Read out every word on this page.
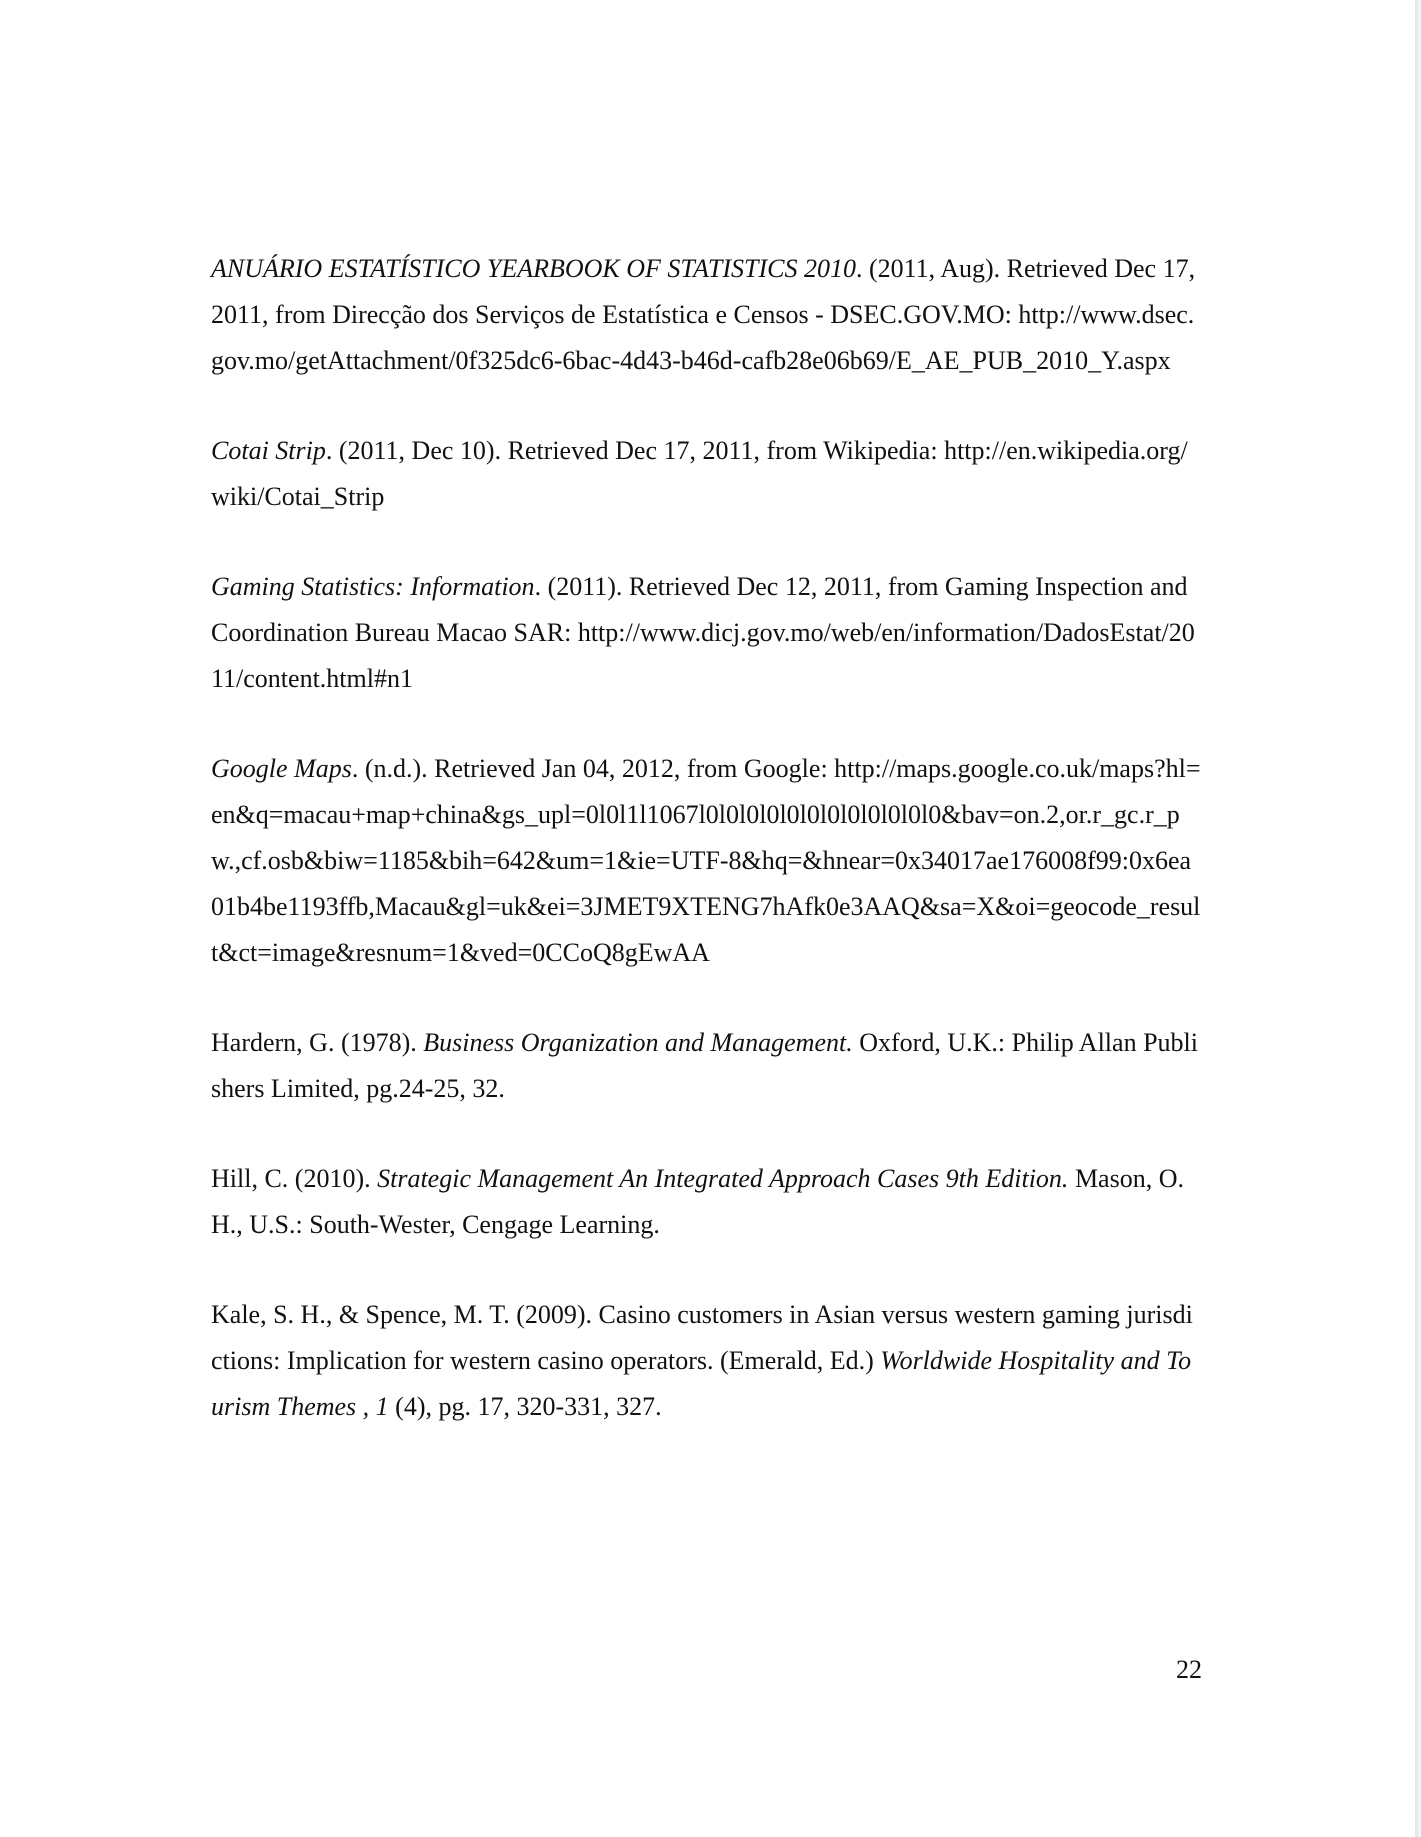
ANUÁRIO ESTATÍSTICO YEARBOOK OF STATISTICS 2010. (2011, Aug). Retrieved Dec 17, 2011, from Direcção dos Serviços de Estatística e Censos - DSEC.GOV.MO: http://www.dsec.gov.mo/getAttachment/0f325dc6-6bac-4d43-b46d-cafb28e06b69/E_AE_PUB_2010_Y.aspx
Cotai Strip. (2011, Dec 10). Retrieved Dec 17, 2011, from Wikipedia: http://en.wikipedia.org/wiki/Cotai_Strip
Gaming Statistics: Information. (2011). Retrieved Dec 12, 2011, from Gaming Inspection and Coordination Bureau Macao SAR: http://www.dicj.gov.mo/web/en/information/DadosEstat/2011/content.html#n1
Google Maps. (n.d.). Retrieved Jan 04, 2012, from Google: http://maps.google.co.uk/maps?hl=en&q=macau+map+china&gs_upl=0l0l1l1067l0l0l0l0l0l0l0l0l0l0l0l0&bav=on.2,or.r_gc.r_pw.,cf.osb&biw=1185&bih=642&um=1&ie=UTF-8&hq=&hnear=0x34017ae176008f99:0x6ea01b4be1193ffb,Macau&gl=uk&ei=3JMET9XTENG7hAfk0e3AAQ&sa=X&oi=geocode_result&ct=image&resnum=1&ved=0CCoQ8gEwAA
Hardern, G. (1978). Business Organization and Management. Oxford, U.K.: Philip Allan Publishers Limited, pg.24-25, 32.
Hill, C. (2010). Strategic Management An Integrated Approach Cases 9th Edition. Mason, O.H., U.S.: South-Wester, Cengage Learning.
Kale, S. H., & Spence, M. T. (2009). Casino customers in Asian versus western gaming jurisdictions: Implication for western casino operators. (Emerald, Ed.) Worldwide Hospitality and Tourism Themes , 1 (4), pg. 17, 320-331, 327.
22
